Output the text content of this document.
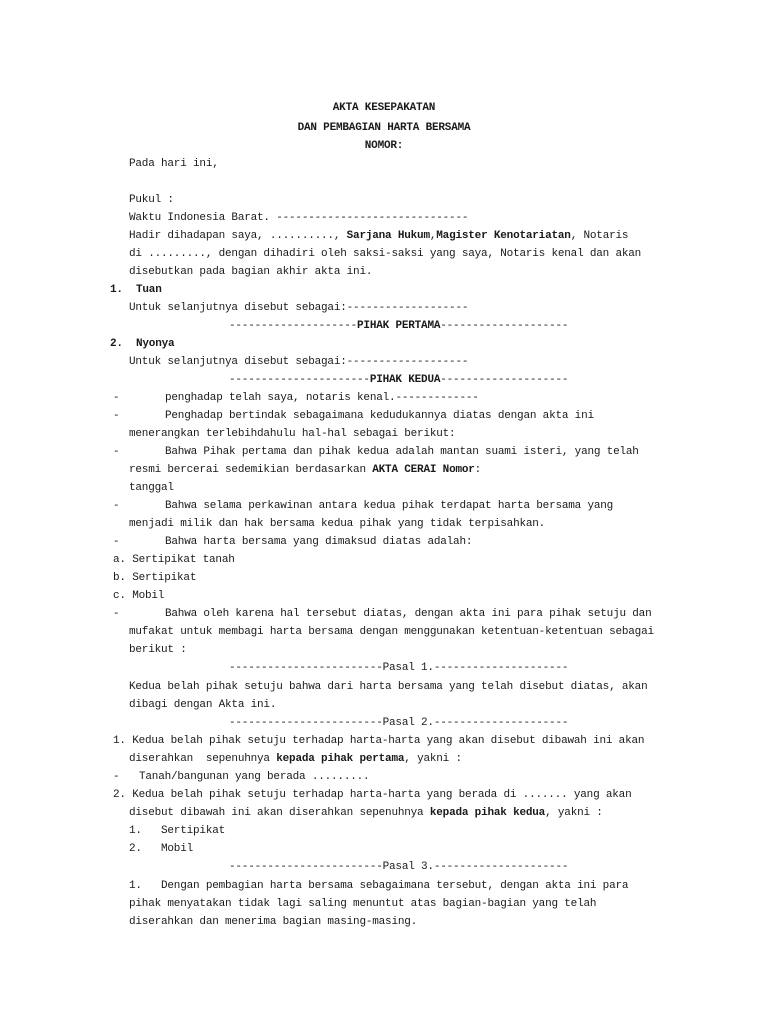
AKTA KESEPAKATAN
DAN PEMBAGIAN HARTA BERSAMA
NOMOR:
Pada hari ini,
Pukul :
Waktu Indonesia Barat. ------------------------------
Hadir dihadapan saya, .........., Sarjana Hukum,Magister Kenotariatan, Notaris
di ........., dengan dihadiri oleh saksi-saksi yang saya, Notaris kenal dan akan
disebutkan pada bagian akhir akta ini.
1. Tuan
Untuk selanjutnya disebut sebagai:-------------------
--------------------PIHAK PERTAMA--------------------
2. Nyonya
Untuk selanjutnya disebut sebagai:-------------------
----------------------PIHAK KEDUA--------------------
-	penghadap telah saya, notaris kenal.-------------
-	Penghadap bertindak sebagaimana kedudukannya diatas dengan akta ini
menerangkan terlebihdahulu hal-hal sebagai berikut:
-	Bahwa Pihak pertama dan pihak kedua adalah mantan suami isteri, yang telah
resmi bercerai sedemikian berdasarkan AKTA CERAI Nomor:
tanggal
-	Bahwa selama perkawinan antara kedua pihak terdapat harta bersama yang
menjadi milik dan hak bersama kedua pihak yang tidak terpisahkan.
-	Bahwa harta bersama yang dimaksud diatas adalah:
a. Sertipikat tanah
b. Sertipikat
c. Mobil
-	Bahwa oleh karena hal tersebut diatas, dengan akta ini para pihak setuju dan
mufakat untuk membagi harta bersama dengan menggunakan ketentuan-ketentuan sebagai
berikut :
------------------------Pasal 1.---------------------
Kedua belah pihak setuju bahwa dari harta bersama yang telah disebut diatas, akan
dibagi dengan Akta ini.
------------------------Pasal 2.---------------------
1. Kedua belah pihak setuju terhadap harta-harta yang akan disebut dibawah ini akan
diserahkan  sepenuhnya kepada pihak pertama, yakni :
- Tanah/bangunan yang berada .........
2. Kedua belah pihak setuju terhadap harta-harta yang berada di ....... yang akan
disebut dibawah ini akan diserahkan sepenuhnya kepada pihak kedua, yakni :
1.   Sertipikat
2.   Mobil
------------------------Pasal 3.---------------------
1.   Dengan pembagian harta bersama sebagaimana tersebut, dengan akta ini para
pihak menyatakan tidak lagi saling menuntut atas bagian-bagian yang telah
diserahkan dan menerima bagian masing-masing.
